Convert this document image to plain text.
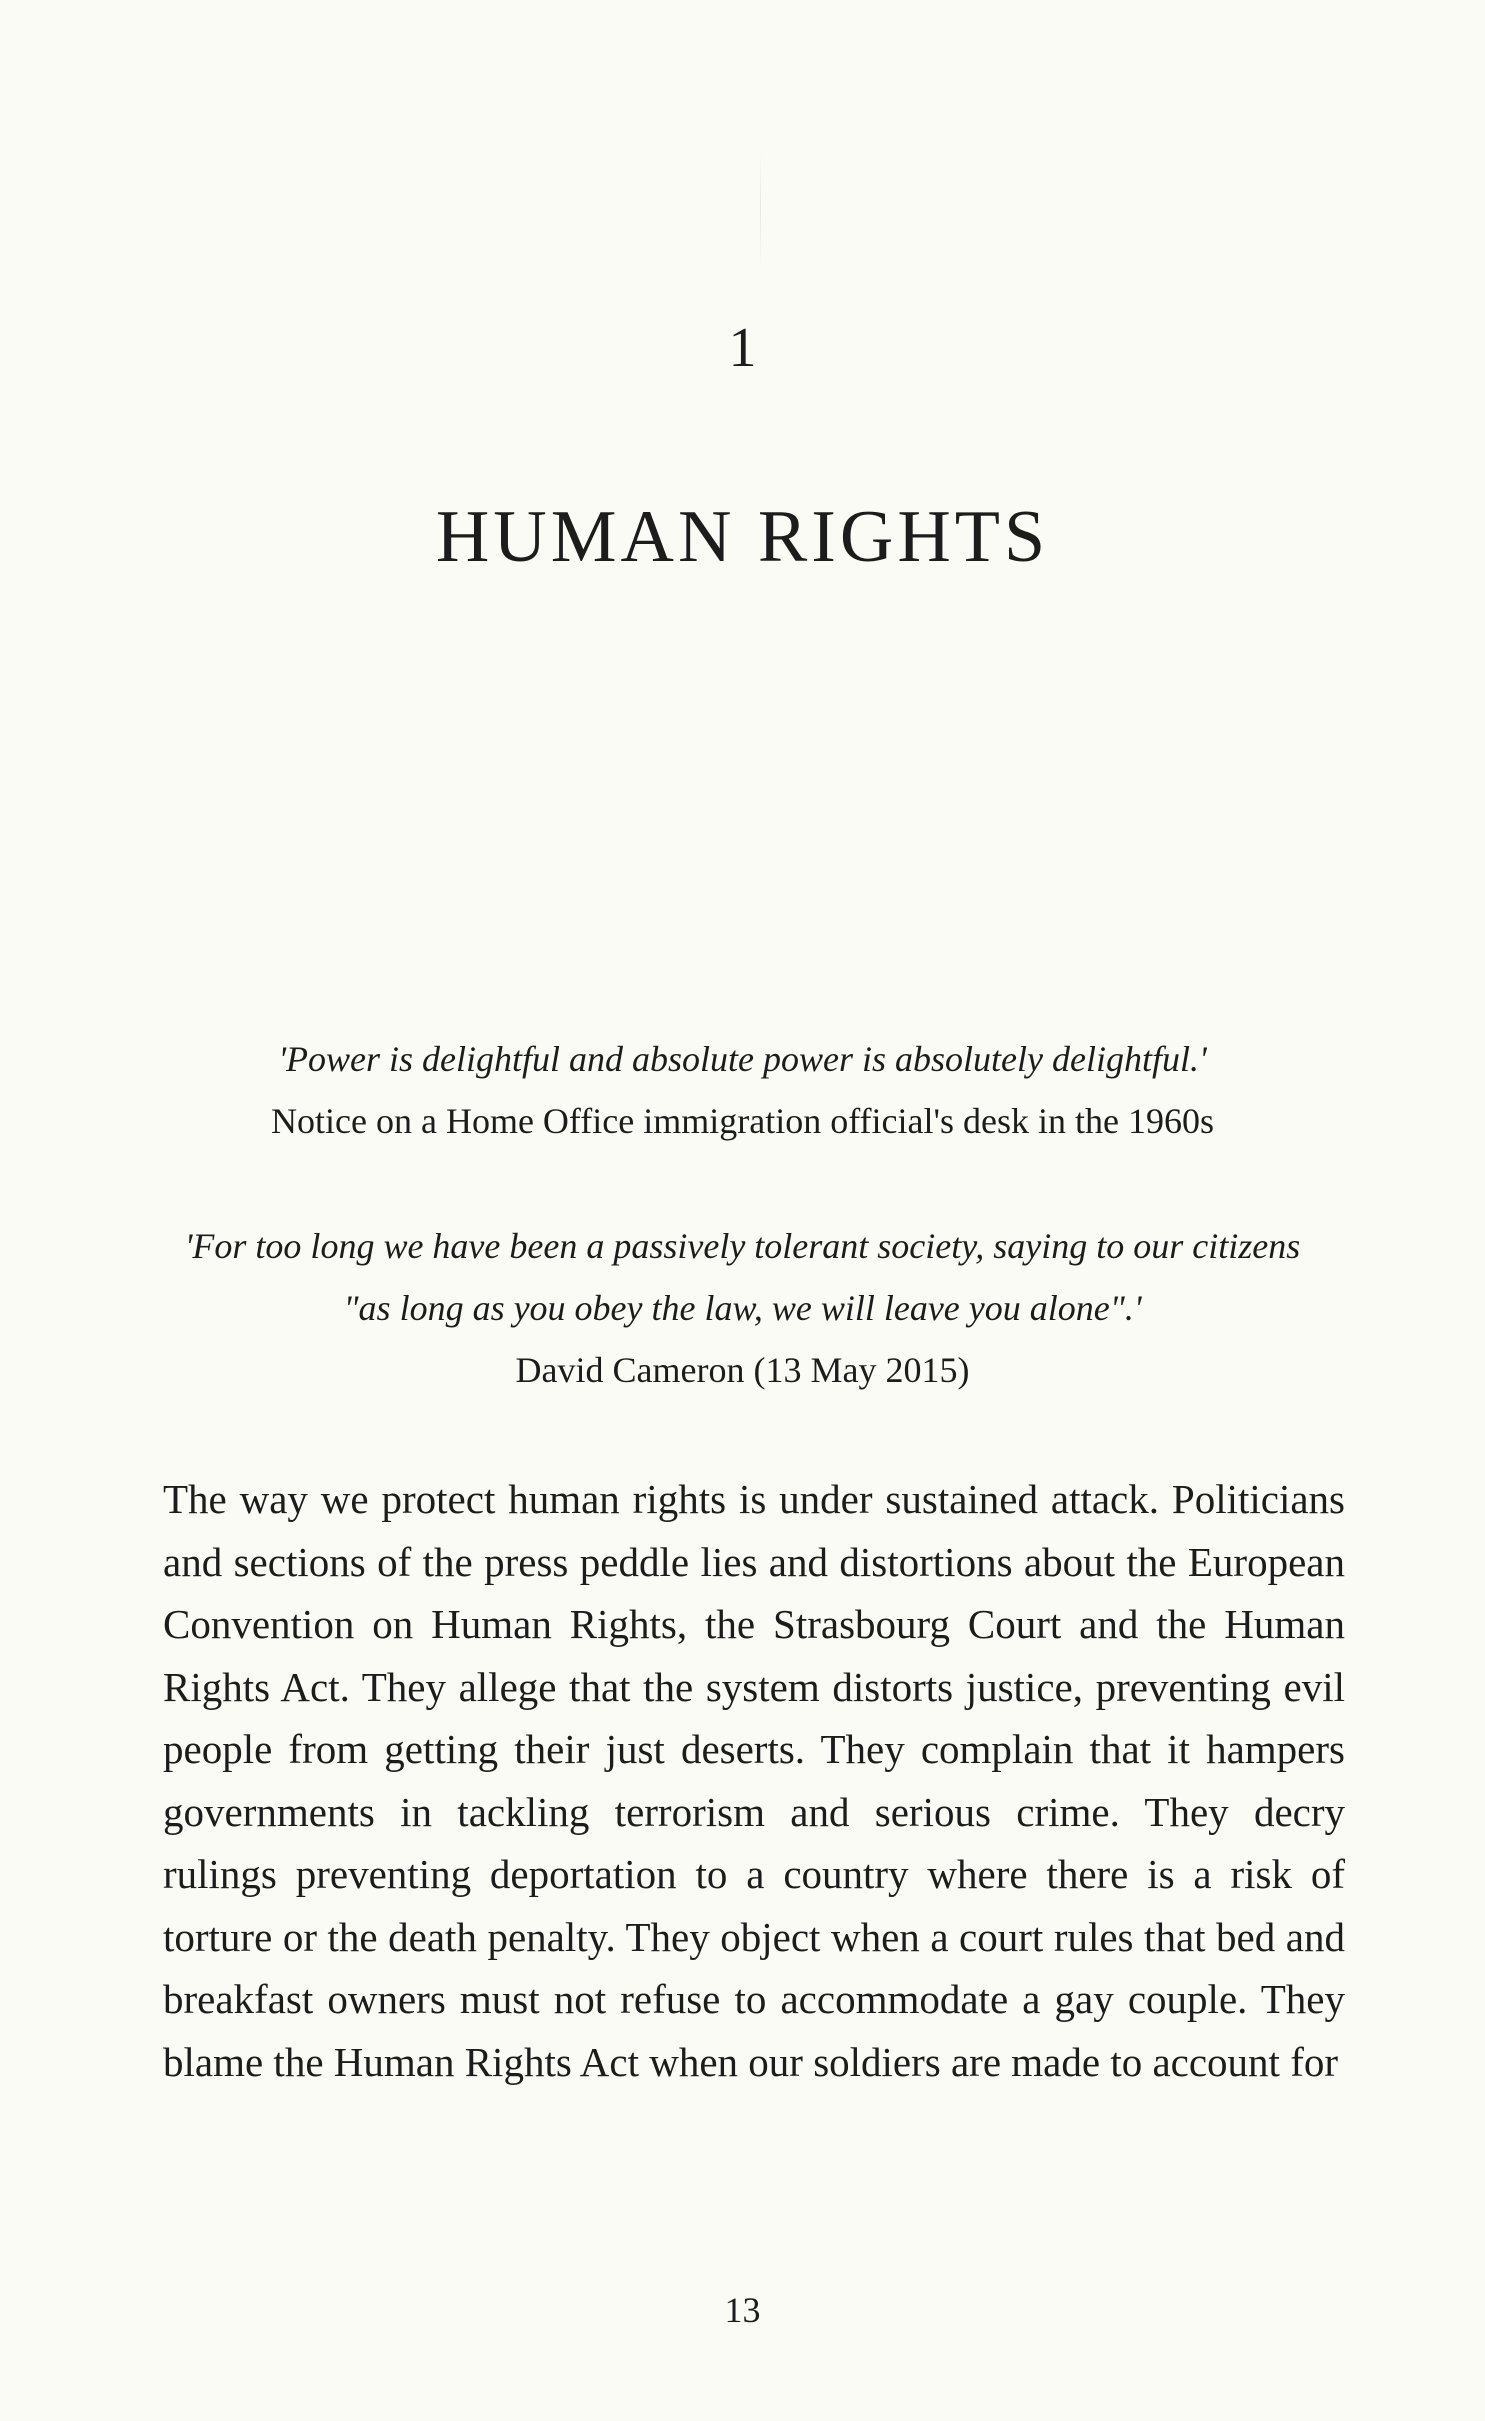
1
HUMAN RIGHTS
'Power is delightful and absolute power is absolutely delightful.'
Notice on a Home Office immigration official's desk in the 1960s
'For too long we have been a passively tolerant society, saying to our citizens "as long as you obey the law, we will leave you alone".'
David Cameron (13 May 2015)

The way we protect human rights is under sustained attack. Politicians and sections of the press peddle lies and distortions about the European Convention on Human Rights, the Strasbourg Court and the Human Rights Act. They allege that the system distorts justice, preventing evil people from getting their just deserts. They complain that it hampers governments in tackling terrorism and serious crime. They decry rulings preventing deportation to a country where there is a risk of torture or the death penalty. They object when a court rules that bed and breakfast owners must not refuse to accommodate a gay couple. They blame the Human Rights Act when our soldiers are made to account for

13
